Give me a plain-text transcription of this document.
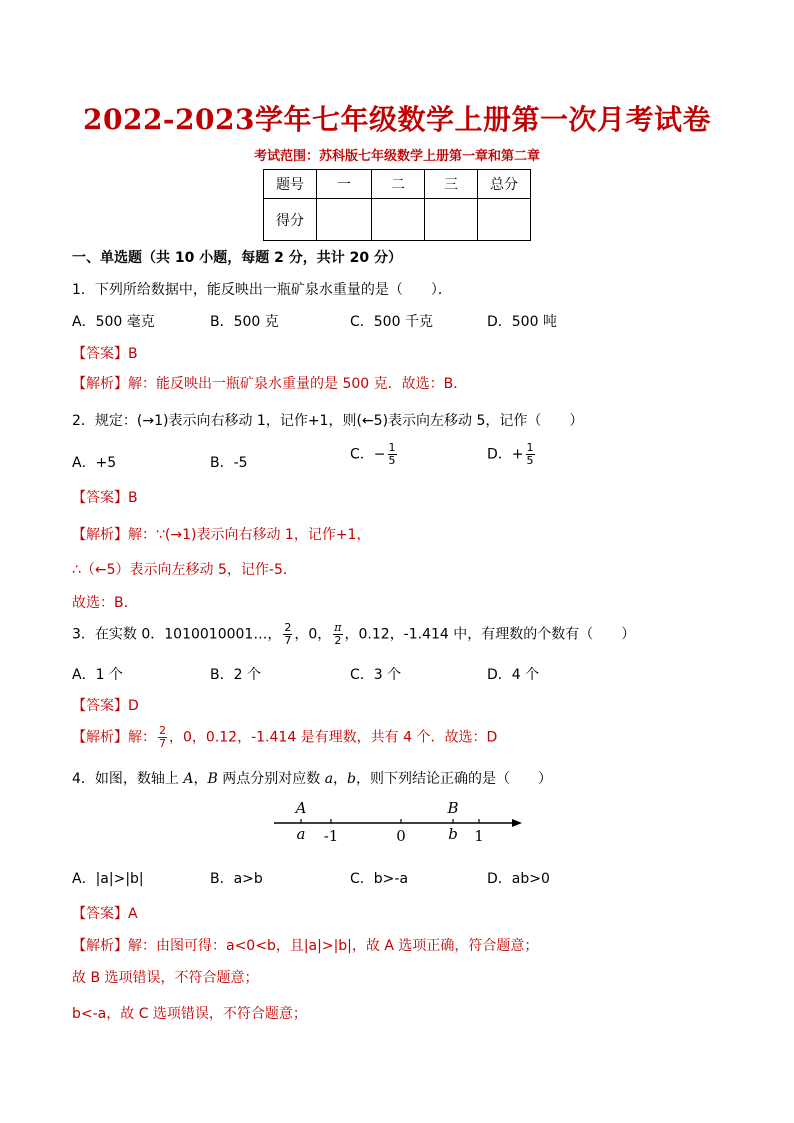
2022-2023学年七年级数学上册第一次月考试卷
考试范围：苏科版七年级数学上册第一章和第二章
题号	一	二	三	总分
得分				
一、单选题（共 10 小题，每题 2 分，共计 20 分）
1．下列所给数据中，能反映出一瓶矿泉水重量的是（　　）．
A．500 毫克	B．500 克	C．500 千克	D．500 吨
【答案】B
【解析】解：能反映出一瓶矿泉水重量的是 500 克．故选：B．
2．规定：(→1)表示向右移动 1，记作+1，则(←5)表示向左移动 5，记作（　　）
A．+5	B．-5
C．− $\frac{1}{5}$	D．+ $\frac{1}{5}$
【答案】B
【解析】解：∵(→1)表示向右移动 1，记作+1，
∴（←5）表示向左移动 5，记作-5．
故选：B．
3．在实数 0．1010010001…， $\frac{2}{7}$ ，0， $\frac{\pi}{2}$ ，0.12̇，-1.414 中，有理数的个数有（　　）
A．1 个	B．2 个	C．3 个	D．4 个
【答案】D
【解析】解： $\frac{2}{7}$ ，0，0.12̇，-1.414 是有理数，共有 4 个．故选：D
4．如图，数轴上 A，B 两点分别对应数 a，b，则下列结论正确的是（　　）
A	B
a -1	0	b 1
A．|a|>|b|	B．a>b	C．b>-a	D．ab>0
【答案】A
【解析】解：由图可得：a<0<b，且|a|>|b|，故 A 选项正确，符合题意；
故 B 选项错误，不符合题意；
b<-a，故 C 选项错误，不符合题意；
